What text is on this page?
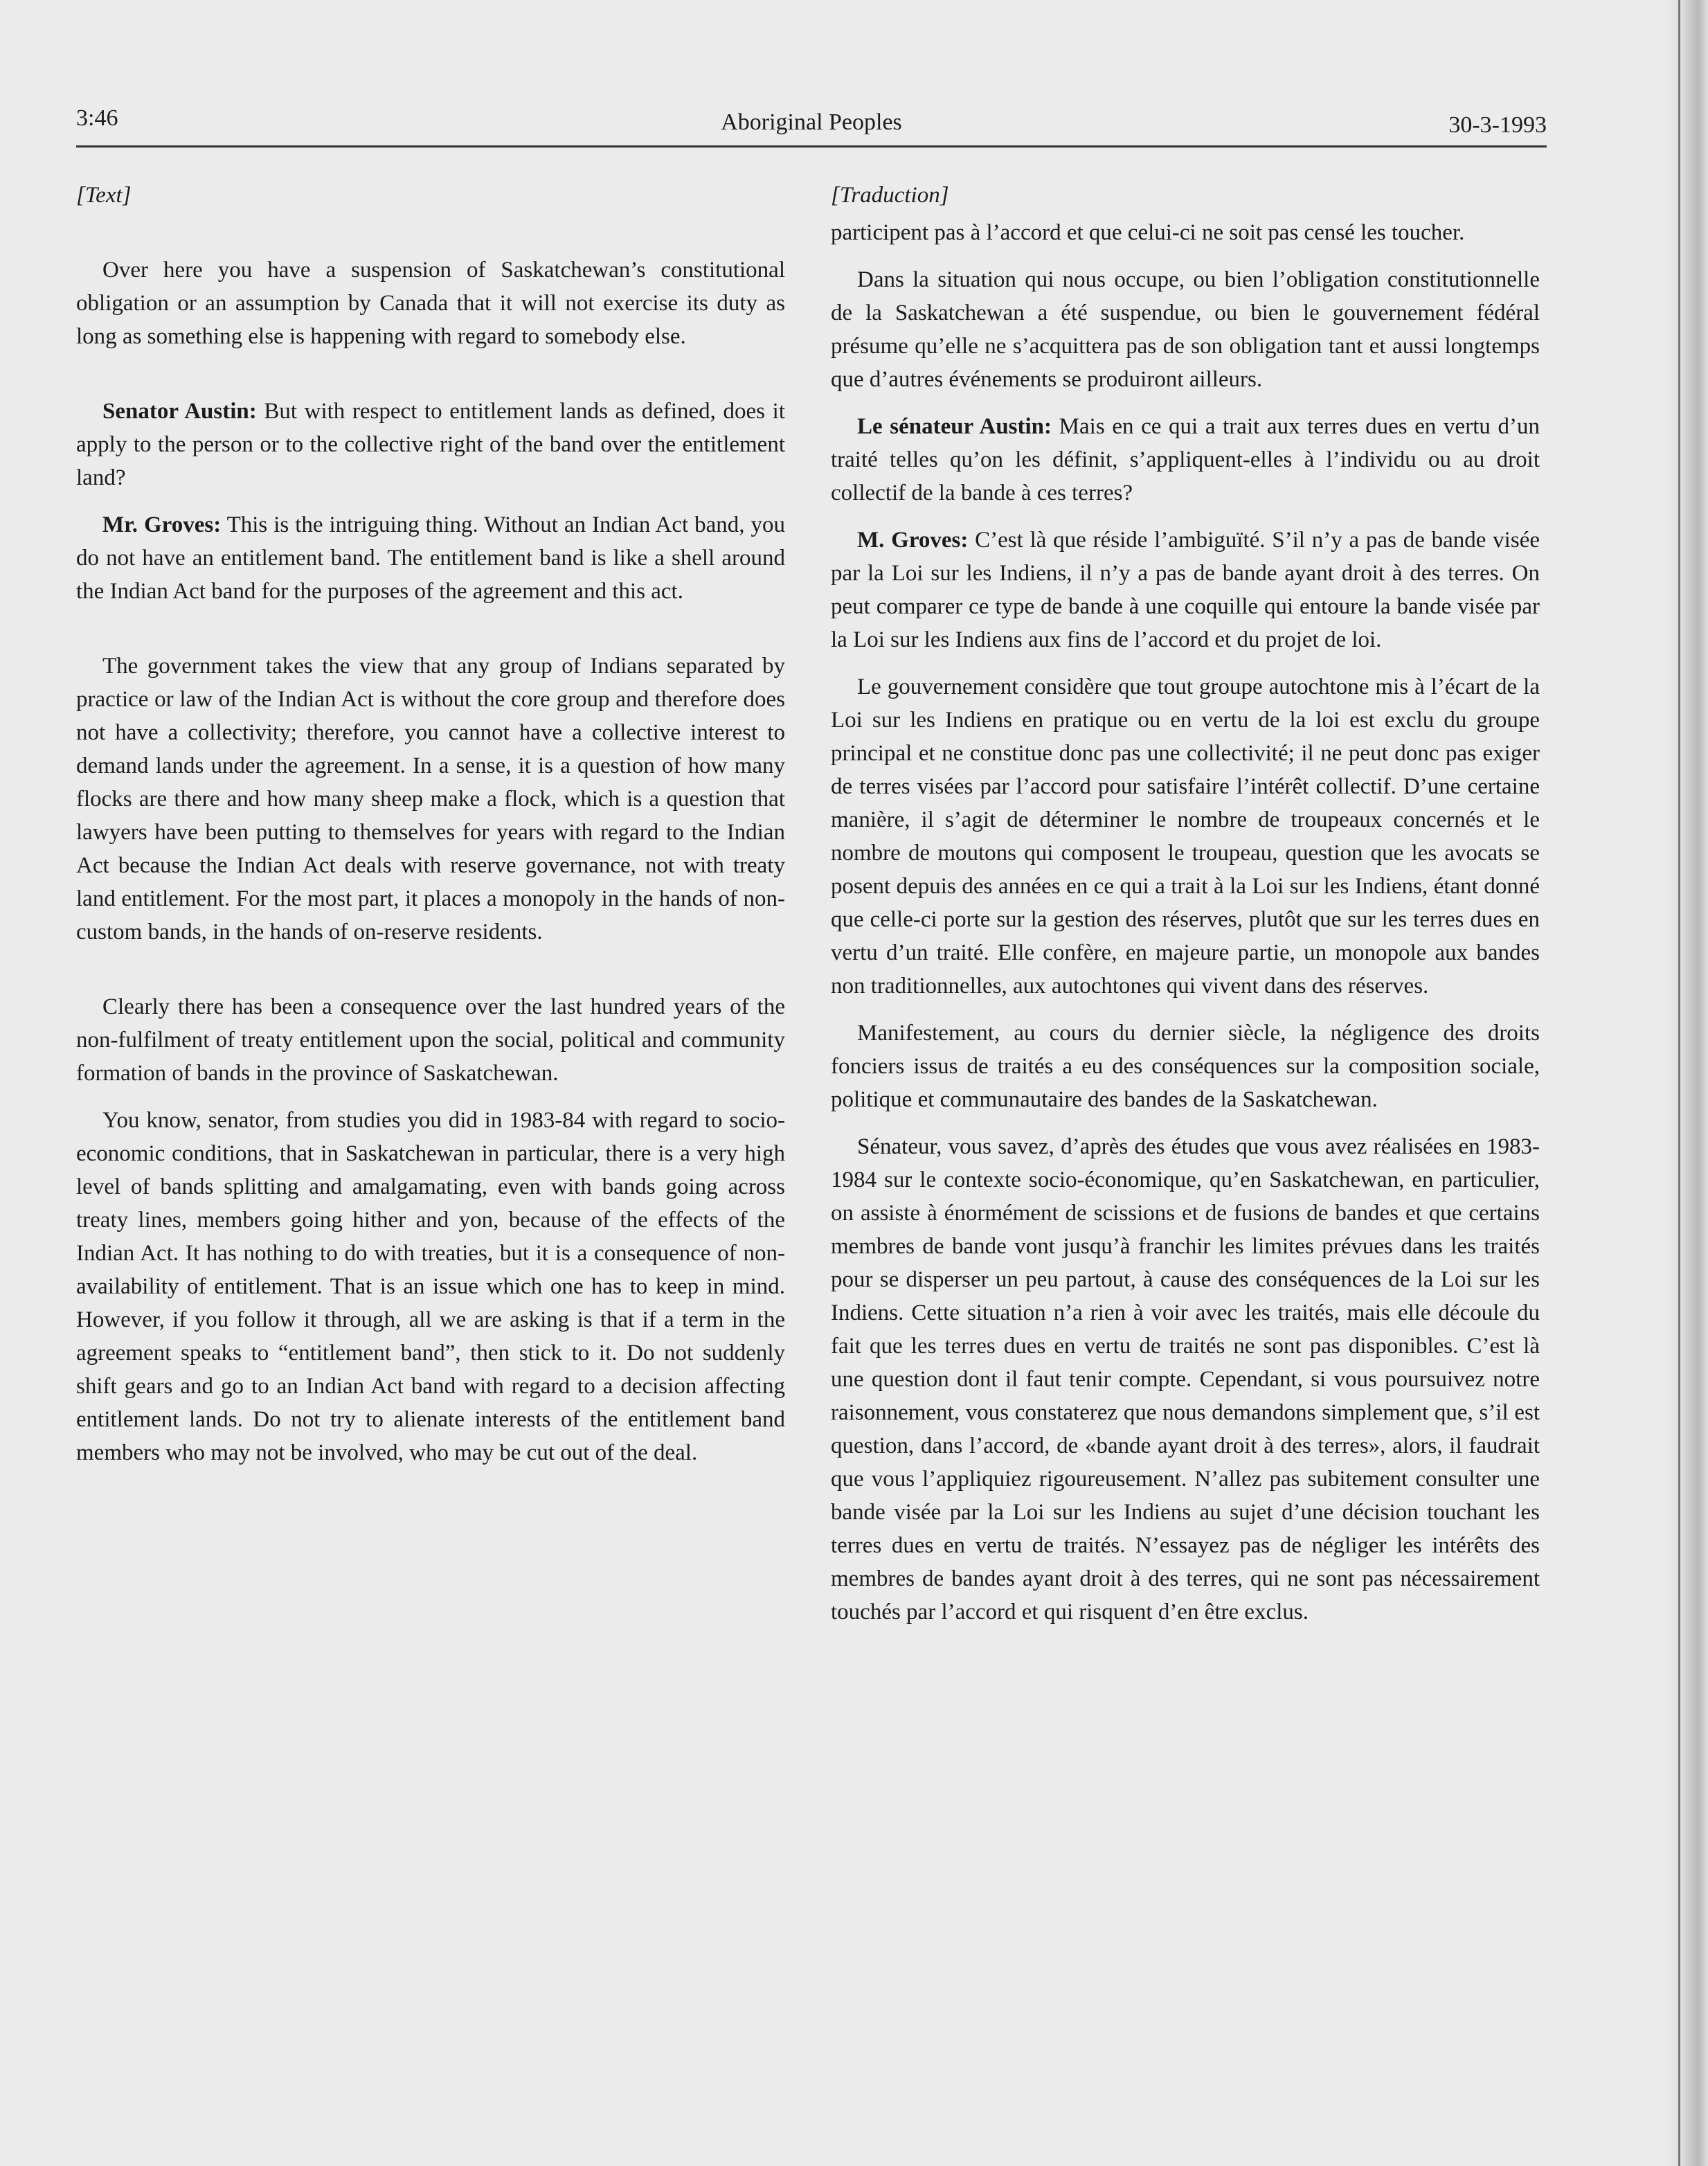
3:46	Aboriginal Peoples	30-3-1993
[Text]

Over here you have a suspension of Saskatchewan’s constitutional obligation or an assumption by Canada that it will not exercise its duty as long as something else is happening with regard to somebody else.

Senator Austin: But with respect to entitlement lands as defined, does it apply to the person or to the collective right of the band over the entitlement land?

Mr. Groves: This is the intriguing thing. Without an Indian Act band, you do not have an entitlement band. The entitlement band is like a shell around the Indian Act band for the purposes of the agreement and this act.

The government takes the view that any group of Indians separated by practice or law of the Indian Act is without the core group and therefore does not have a collectivity; therefore, you cannot have a collective interest to demand lands under the agreement. In a sense, it is a question of how many flocks are there and how many sheep make a flock, which is a question that lawyers have been putting to themselves for years with regard to the Indian Act because the Indian Act deals with reserve governance, not with treaty land entitlement. For the most part, it places a monopoly in the hands of non-custom bands, in the hands of on-reserve residents.

Clearly there has been a consequence over the last hundred years of the non-fulfilment of treaty entitlement upon the social, political and community formation of bands in the province of Saskatchewan.

You know, senator, from studies you did in 1983-84 with regard to socio-economic conditions, that in Saskatchewan in particular, there is a very high level of bands splitting and amalgamating, even with bands going across treaty lines, members going hither and yon, because of the effects of the Indian Act. It has nothing to do with treaties, but it is a consequence of non-availability of entitlement. That is an issue which one has to keep in mind. However, if you follow it through, all we are asking is that if a term in the agreement speaks to “entitlement band”, then stick to it. Do not suddenly shift gears and go to an Indian Act band with regard to a decision affecting entitlement lands. Do not try to alienate interests of the entitlement band members who may not be involved, who may be cut out of the deal.

[Traduction]

participent pas à l’accord et que celui-ci ne soit pas censé les toucher.

Dans la situation qui nous occupe, ou bien l’obligation constitutionnelle de la Saskatchewan a été suspendue, ou bien le gouvernement fédéral présume qu’elle ne s’acquittera pas de son obligation tant et aussi longtemps que d’autres événements se produiront ailleurs.

Le sénateur Austin: Mais en ce qui a trait aux terres dues en vertu d’un traité telles qu’on les définit, s’appliquent-elles à l’individu ou au droit collectif de la bande à ces terres?

M. Groves: C’est là que réside l’ambiguïté. S’il n’y a pas de bande visée par la Loi sur les Indiens, il n’y a pas de bande ayant droit à des terres. On peut comparer ce type de bande à une coquille qui entoure la bande visée par la Loi sur les Indiens aux fins de l’accord et du projet de loi.

Le gouvernement considère que tout groupe autochtone mis à l’écart de la Loi sur les Indiens en pratique ou en vertu de la loi est exclu du groupe principal et ne constitue donc pas une collectivité; il ne peut donc pas exiger de terres visées par l’accord pour satisfaire l’intérêt collectif. D’une certaine manière, il s’agit de déterminer le nombre de troupeaux concernés et le nombre de moutons qui composent le troupeau, question que les avocats se posent depuis des années en ce qui a trait à la Loi sur les Indiens, étant donné que celle-ci porte sur la gestion des réserves, plutôt que sur les terres dues en vertu d’un traité. Elle confère, en majeure partie, un monopole aux bandes non traditionnelles, aux autochtones qui vivent dans des réserves.

Manifestement, au cours du dernier siècle, la négligence des droits fonciers issus de traités a eu des conséquences sur la composition sociale, politique et communautaire des bandes de la Saskatchewan.

Sénateur, vous savez, d’après des études que vous avez réalisées en 1983-1984 sur le contexte socio-économique, qu’en Saskatchewan, en particulier, on assiste à énormément de scissions et de fusions de bandes et que certains membres de bande vont jusqu’à franchir les limites prévues dans les traités pour se disperser un peu partout, à cause des conséquences de la Loi sur les Indiens. Cette situation n’a rien à voir avec les traités, mais elle découle du fait que les terres dues en vertu de traités ne sont pas disponibles. C’est là une question dont il faut tenir compte. Cependant, si vous poursuivez notre raisonnement, vous constaterez que nous demandons simplement que, s’il est question, dans l’accord, de «bande ayant droit à des terres», alors, il faudrait que vous l’appliquiez rigoureusement. N’allez pas subitement consulter une bande visée par la Loi sur les Indiens au sujet d’une décision touchant les terres dues en vertu de traités. N’essayez pas de négliger les intérêts des membres de bandes ayant droit à des terres, qui ne sont pas nécessairement touchés par l’accord et qui risquent d’en être exclus.
